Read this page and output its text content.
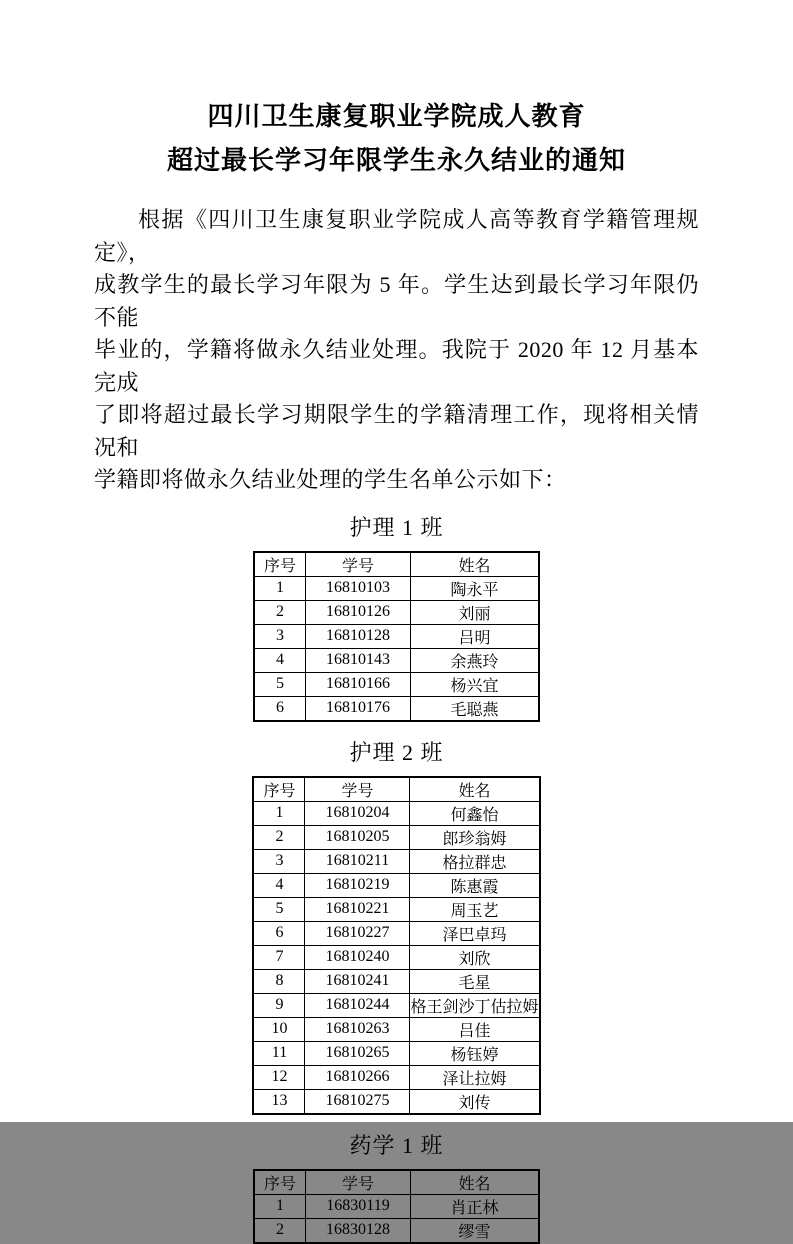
四川卫生康复职业学院成人教育
超过最长学习年限学生永久结业的通知
根据《四川卫生康复职业学院成人高等教育学籍管理规定》，
成教学生的最长学习年限为 5 年。学生达到最长学习年限仍不能
毕业的，学籍将做永久结业处理。我院于 2020 年 12 月基本完成
了即将超过最长学习期限学生的学籍清理工作，现将相关情况和
学籍即将做永久结业处理的学生名单公示如下：
护理 1 班
序号	学号	姓名
1	16810103	陶永平
2	16810126	刘丽
3	16810128	吕明
4	16810143	余燕玲
5	16810166	杨兴宜
6	16810176	毛聪燕
护理 2 班
序号	学号	姓名
1	16810204	何鑫怡
2	16810205	郎珍翁姆
3	16810211	格拉群忠
4	16810219	陈惠霞
5	16810221	周玉艺
6	16810227	泽巴卓玛
7	16810240	刘欣
8	16810241	毛星
9	16810244	格王剑沙丁估拉姆
10	16810263	吕佳
11	16810265	杨钰婷
12	16810266	泽让拉姆
13	16810275	刘传
药学 1 班
序号	学号	姓名
1	16830119	肖正林
2	16830128	缪雪
